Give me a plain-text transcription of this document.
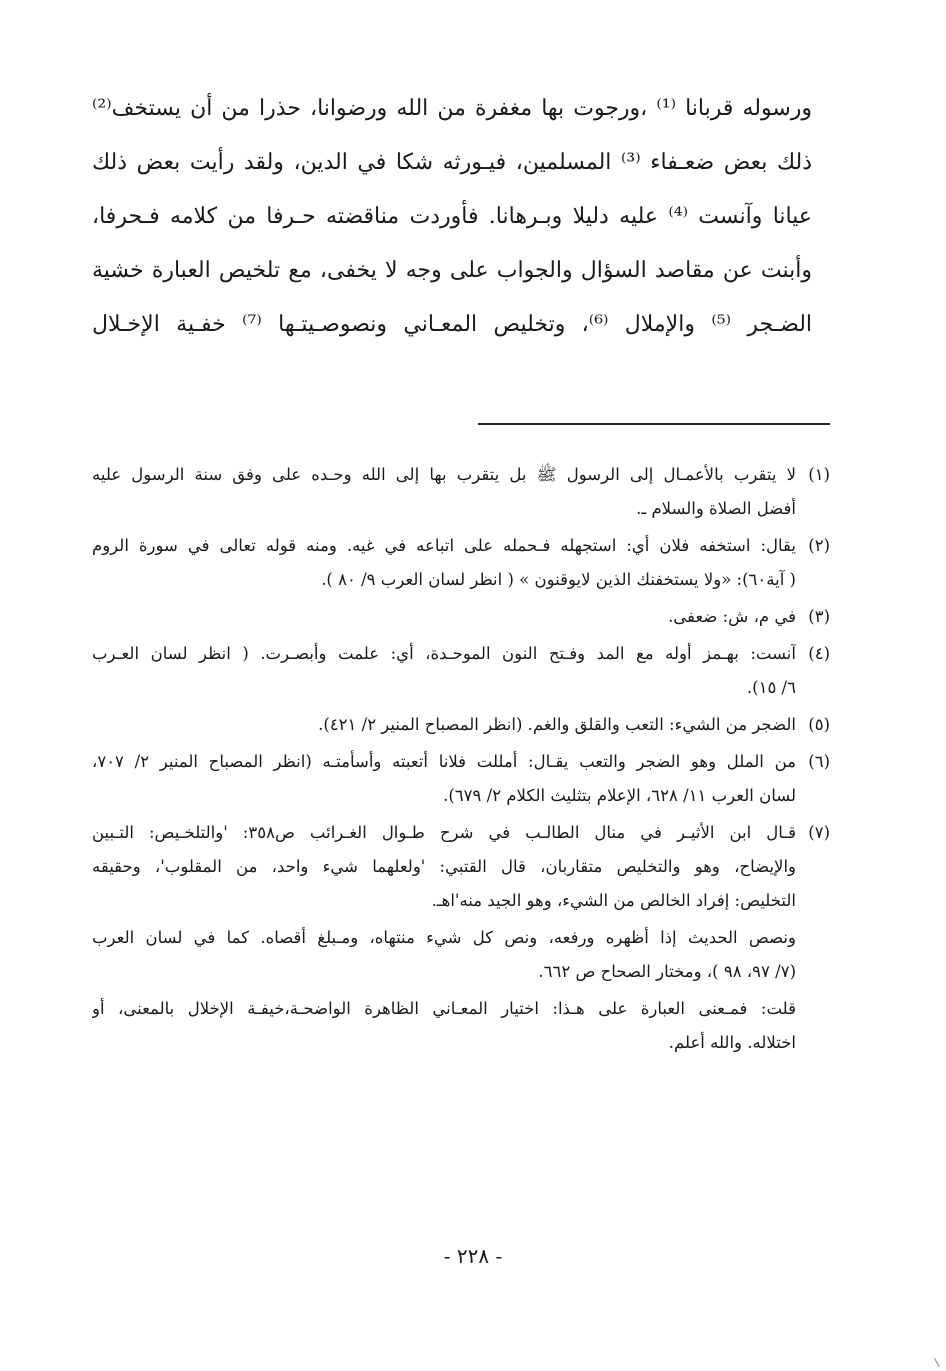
ورسوله قربانا ⁽¹⁾ ،ورجوت بها مغفرة من الله ورضوانا، حذرا من أن يستخف⁽²⁾
ذلك بعض ضعـفاء ⁽³⁾ المسلمين، فيـورثه شكا في الدين، ولقد رأيت بعض ذلك
عيانا وآنست ⁽⁴⁾ عليه دليلا وبـرهانا. فأوردت مناقضته حـرفا من كلامه فـحرفا،
وأبنت عن مقاصد السؤال والجواب على وجه لا يخفى، مع تلخيص العبارة خشية
الضـجر ⁽⁵⁾ والإملال ⁽⁶⁾، وتخليص المعـاني ونصوصـيتـها ⁽⁷⁾ خفـية الإخـلال
(١)
لا يتقرب بالأعمـال إلى الرسول ﷺ بل يتقرب بها إلى الله وحـده على وفق سنة الرسول عليه
أفضل الصلاة والسلام ـ.
(٢)
يقال: استخفه فلان أي: استجهله فـحمله على اتباعه في غيه. ومنه قوله تعالى في سورة الروم
( آية٦٠): «ولا يستخفنك الذين لايوقنون » ( انظر لسان العرب ٩/ ٨٠ ).
(٣)
في م، ش: ضعفى.
(٤)
آنست: بهـمز أوله مع المد وفـتح النون الموحـدة، أي: علمت وأبصـرت. ( انظر لسان العـرب
٦/ ١٥).
(٥)
الضجر من الشيء: التعب والقلق والغم. (انظر المصباح المنير ٢/ ٤٢١).
(٦)
من الملل وهو الضجر والتعب يقـال: أمللت فلانا أتعبته وأسأمتـه (انظر المصباح المنير ٢/ ٧٠٧،
لسان العرب ١١/ ٦٢٨، الإعلام بتثليث الكلام ٢/ ٦٧٩).
(٧)
قـال ابن الأثيـر في منال الطالـب في شرح طـوال الغـرائب ص٣٥٨: 'والتلخـيص: التـبين
والإيضاح، وهو والتخليص متقاربان، قال القتبي: 'ولعلهما شيء واحد، من المقلوب'، وحقيقه
التخليص: إفراد الخالص من الشيء، وهو الجيد منه'اهـ.
ونصص الحديث إذا أظهره ورفعه، ونص كل شيء منتهاه، ومـبلغ أقصاه. كما في لسان العرب
(٧/ ٩٧، ٩٨ )، ومختار الصحاح ص ٦٦٢.
قلت: فمـعنى العبارة على هـذا: اختيار المعـاني الظاهرة الواضحـة،خيفـة الإخلال بالمعنى، أو
اختلاله. والله أعلم.
- ٢٢٨ -
